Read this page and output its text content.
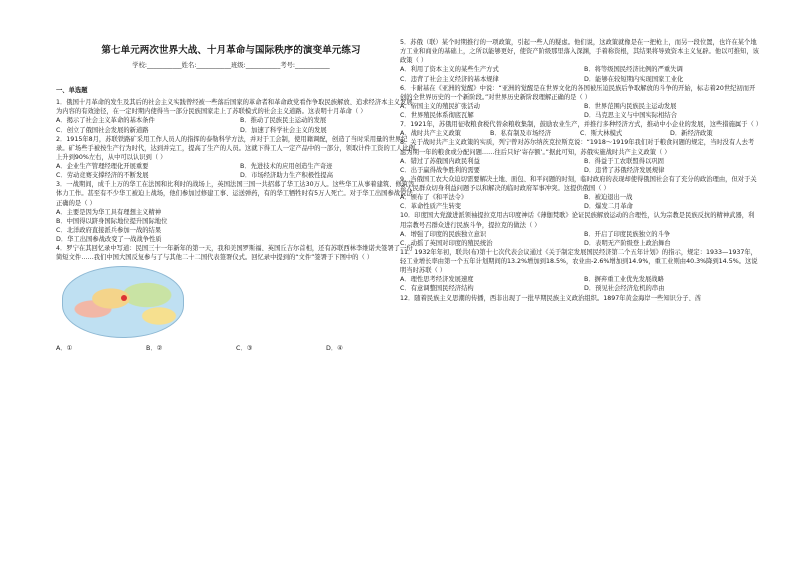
第七单元两次世界大战、十月革命与国际秩序的演变单元练习
学校:___________姓名:___________班级:___________考号:___________

一、单选题

1．俄国十月革命的发生及其后的社会主义实践曾经被一些落后国家的革命者和革命政党看作争取民族解放、追求经济本主义发展为内容的有效途径，在一定时期内使得当一部分民族国家走上了苏联模式的社会主义道路。这表明十月革命（ ）

A．揭示了社会主义革命的基本条件	B．推动了民族民主运动的发展
C．创立了俄国社会发展的新道路	D．加速了科学社会主义的发展

2．1915年8月，苏联铁路矿采用工作人员人的指挥的泰勒科学方法，并对于工会制，使用籍调配，创造了当时采用量的世界纪录。矿场些手被按生产行为时代，达到并完工，提高了生产的人员。这就下得工人一定产品中的一部分，领取计件工资的工人比例上升到90%左右，从中可以认识到（ ）

A．企业生产管理经理化开展重要	B．先进技术的应用创造生产奇迹
C．劳动竞赛支撑经济的不断发展	D．市场经济助力生产积极性提高

3．一战期间，成千上万的华工在法国和比利时的战场上，英国法国三国一共招募了华工达30万人。这些华工从事着建筑、修筑等体力工作。甚至有不少华工被迫上战场，他们参加过修建工事、运送弹药，有的华工牺牲时有5万人死亡。对于华工出国参战说法正确的是（ ）

A．主要是因为华工具有理想主义精神

B．中国得以跻身国际地位提升国际地位

C．北洋政府直接派兵参加一战的结果

D．华工出国参战改变了一战战争性质

4．罗宁在其回忆录中写道：民国三十一年新年的第一天，我和美国罗斯福、英国丘吉尔首相，还有苏联西林李维诺夫签署了一份简短文件……我们中国大国反复参与了与其他二十二国代表签署仪式。回忆录中提到的“文件”签署于下图中的（ ）

A．①	B．②	C．③	D．④

5．苏俄（联）某个时期推行的一项政策，引起一些人的疑虑。他们说，这政策就像是在一把枪上，而另一段位置，也许在某个地方工业和商业的基础上，之所以能够更好，使资产阶级那里落入深渊，手着称资根，其结果将导致资本主义复辟。他以可推知，该政策（ ）

A．利用了资本主义的某些生产方式	B．将等级国民经济比例的严重失调
C．违背了社会主义经济的基本规律	D．能够在较短期内实现国家工业化

6．卡耐基在《亚洲的觉醒》中说：“亚洲的觉醒是在世界文化的各国被压迫民族后争取解放的斗争的开始，标志着20世纪初而开创的全世界历史的一个新阶段。”对世界历史新阶段理解正确的是（ ）

A．帝国主义的殖民扩张活动	B．世界范围内民族民主运动发展
C．世界殖民体系彻底瓦解	D．马克思主义与中国实际相结合

7．1921年，苏俄用征收粮食税代替余粮收集制，鼓励农业生产，并推行多种经济方式，推动中小企业的发展，这些措施属于（ ）

A．战时共产主义政策	B．私有制及市场经济	C．斯大林模式	D．新经济政策

8．关于战时共产主义政策的实质，列宁曾对苏尔纳茨克拉斯克说：“1918～1919年我们对于粮食问题的规定，当时没有人去考虑为期一年的粮食或分配问题……往后只好‘寄存额’。”据此可知，苏俄实施战时共产主义政策（ ）

A．错过了苏俄国内政民利益	B．得益于工农联盟得以巩固
C．出于赢得战争胜利的需要	D．违背了苏俄经济发展规律

9．当俄国工农大众迫切需要解决土地、面包、和平问题的时刻，临时政府的表现却使得俄国社会有了充分的政治理由，但对于关系人民群众切身利益问题予以和解决的临时政府军事冲突。这提供俄国（ ）

A．颁布了《和平法令》	B．被迫退出一战
C．革命性质产生转变	D．爆发二月革命

10．印度国大党激进派领袖提拉克用古印度神话《薄伽梵歌》论证民族解放运动的合理性，认为宗教是民族反抗的精神武器，利用宗教号召群众进行民族斗争，提拉克的做法（ ）

A．增强了印度的民族独立意识	B．开启了印度民族独立的斗争
C．动摇了英国对印度的殖民统治	D．表明无产阶级登上政治舞台

11．1932年年初，联共(布)第十七次代表会议通过《关于制定发展国民经济第二个五年计划》的指示，规定：1933—1937年，轻工业增长率由第一个五年计划期间的13.2%增加到18.5%，农业由-2.6%增加到14.9%，重工业则由40.3%降到14.5%。这说明当时苏联（ ）

A．理性思考经济发展速度	B．摒弃重工业优先发展战略
C．有意调整国民经济结构	D．预见社会经济危机的串由

12．随着民族主义思潮的传播，西非出现了一批早期民族主义政治组织。1897年黄金海岸一些知识分子、酋
